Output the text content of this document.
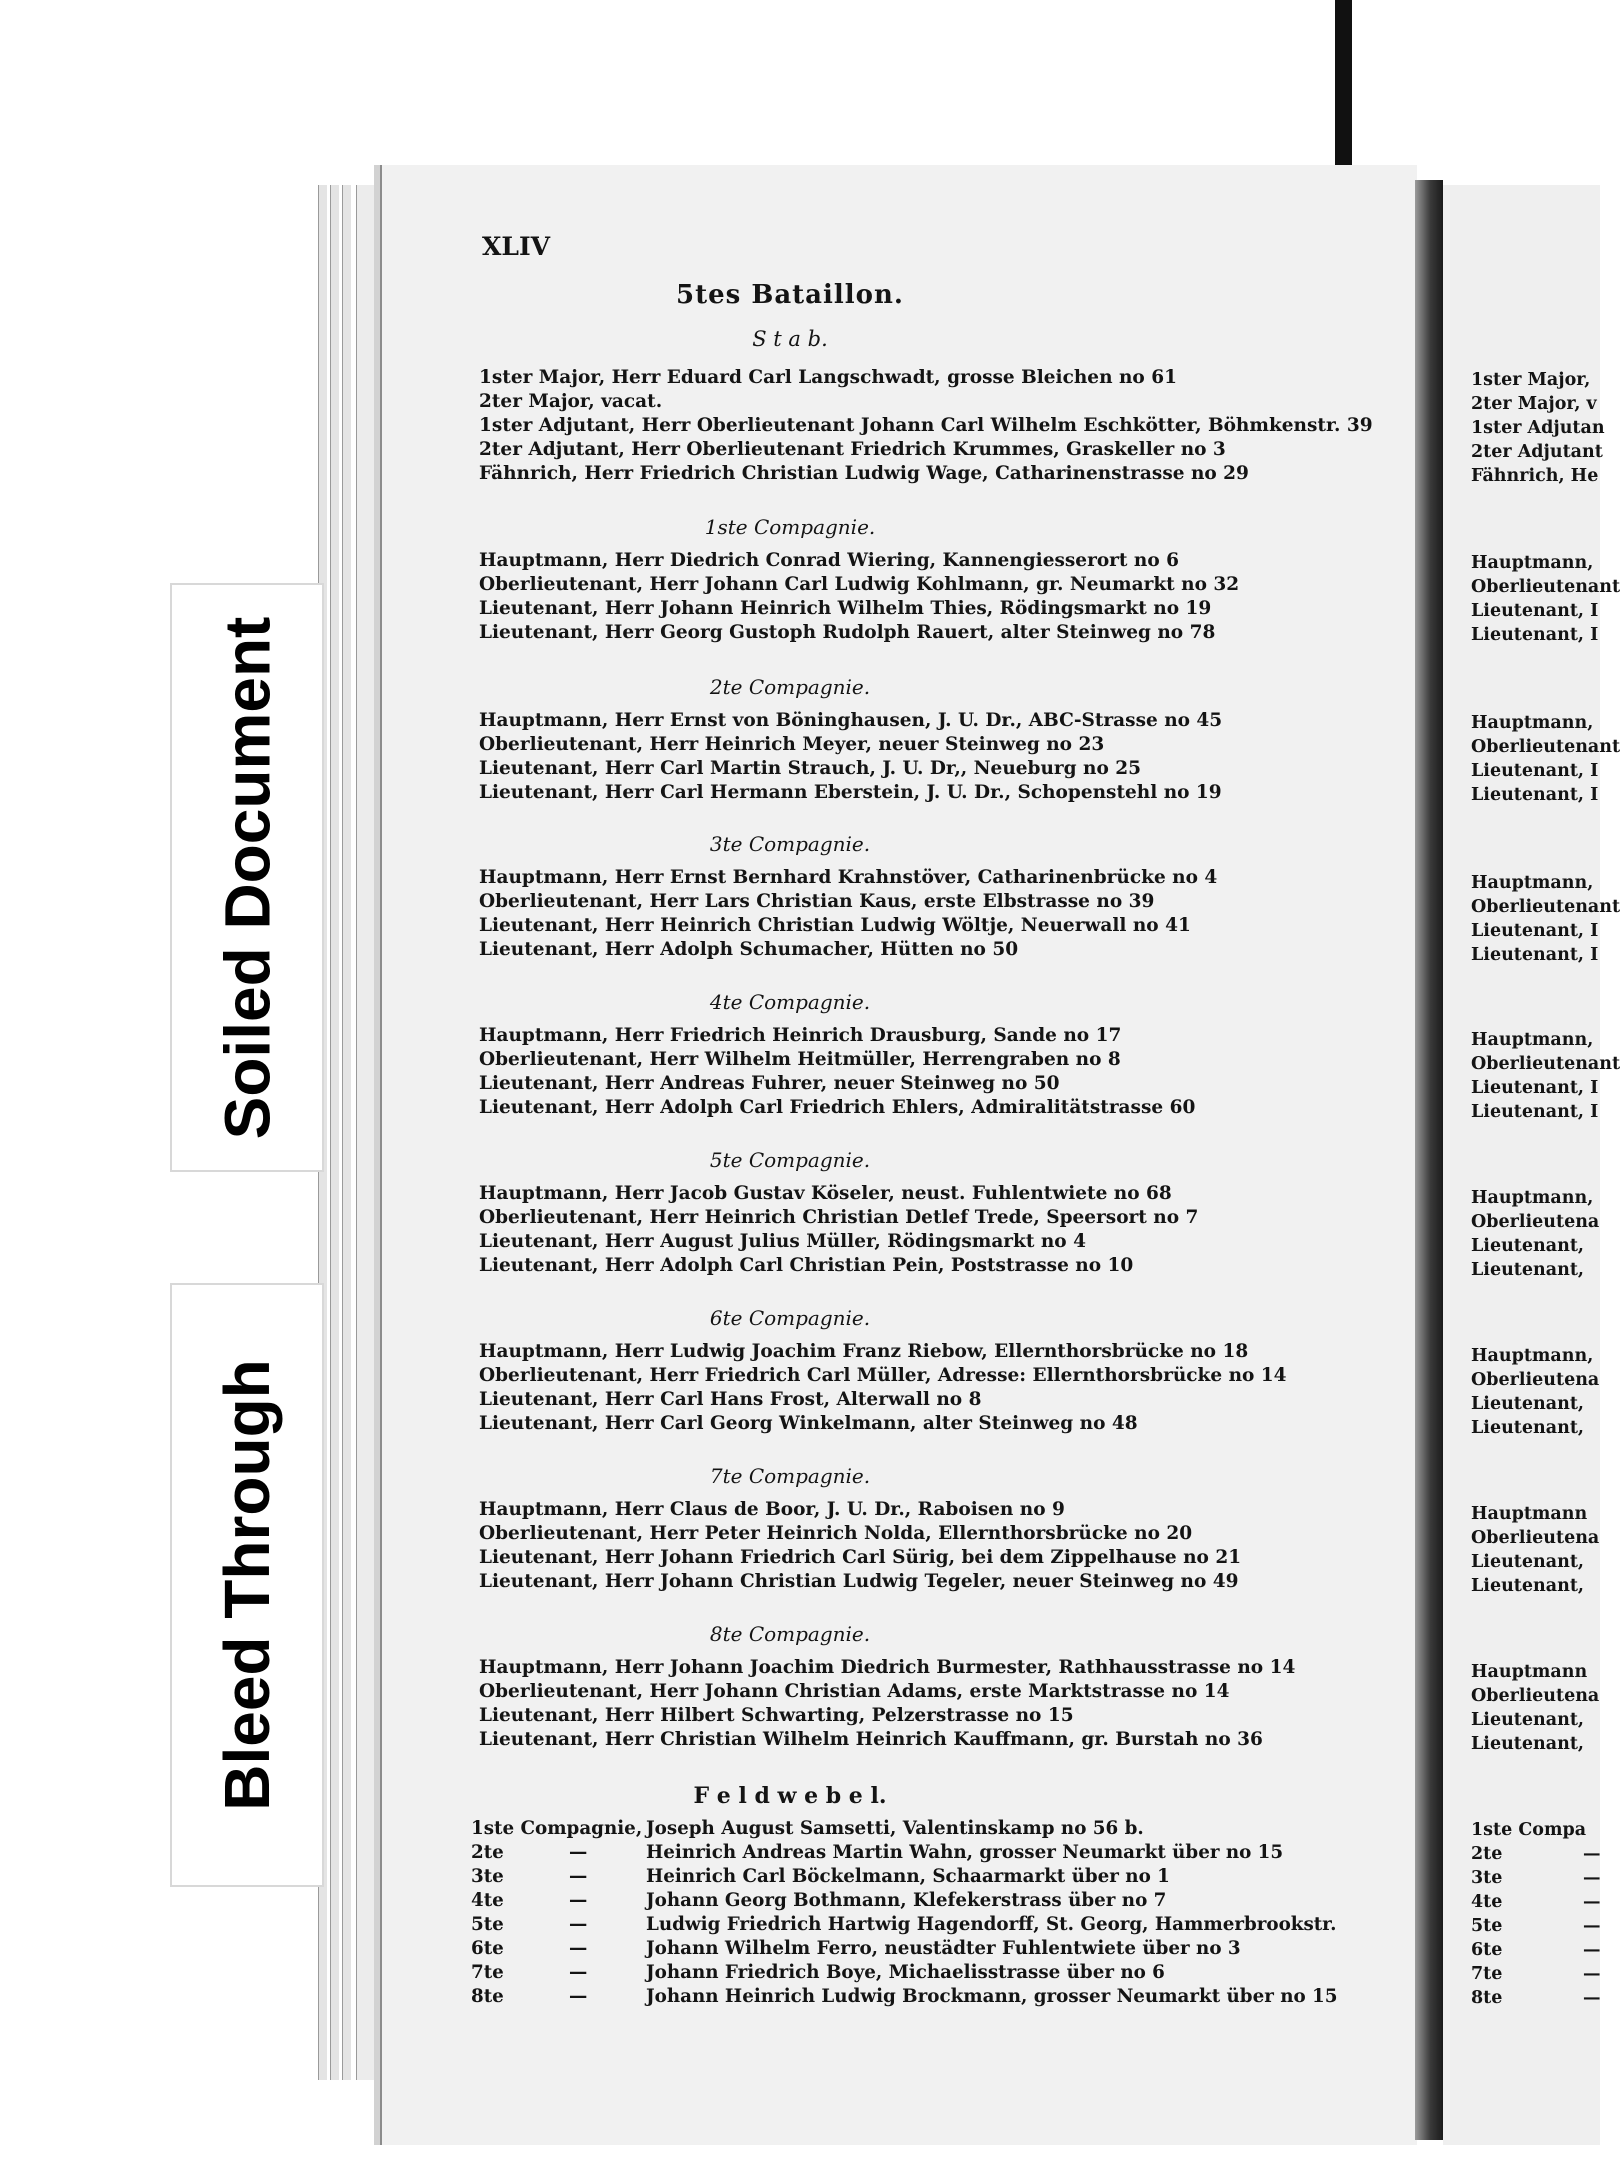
Soiled Document
Bleed Through
1ster Major,
2ter Major, v
1ster Adjutan
2ter Adjutant
Fähnrich, He
Hauptmann,
Oberlieutenant
Lieutenant, I
Lieutenant, I
Hauptmann,
Oberlieutenant
Lieutenant, I
Lieutenant, I
Hauptmann,
Oberlieutenant
Lieutenant, I
Lieutenant, I
Hauptmann,
Oberlieutenant
Lieutenant, I
Lieutenant, I
Hauptmann,
Oberlieutena
Lieutenant,
Lieutenant,
Hauptmann,
Oberlieutena
Lieutenant,
Lieutenant,
Hauptmann
Oberlieutena
Lieutenant,
Lieutenant,
Hauptmann
Oberlieutena
Lieutenant,
Lieutenant,
1ste Compa
2te	—
3te	—
4te	—
5te	—
6te	—
7te	—
8te	—
XLIV
5tes Bataillon.
S t a b.
1ster Major, Herr Eduard Carl Langschwadt, grosse Bleichen no 61
2ter Major, vacat.
1ster Adjutant, Herr Oberlieutenant Johann Carl Wilhelm Eschkötter, Böhmkenstr. 39
2ter Adjutant, Herr Oberlieutenant Friedrich Krummes, Graskeller no 3
Fähnrich, Herr Friedrich Christian Ludwig Wage, Catharinenstrasse no 29
1ste Compagnie.
Hauptmann, Herr Diedrich Conrad Wiering, Kannengiesserort no 6
Oberlieutenant, Herr Johann Carl Ludwig Kohlmann, gr. Neumarkt no 32
Lieutenant, Herr Johann Heinrich Wilhelm Thies, Rödingsmarkt no 19
Lieutenant, Herr Georg Gustoph Rudolph Rauert, alter Steinweg no 78
2te Compagnie.
Hauptmann, Herr Ernst von Böninghausen, J. U. Dr., ABC-Strasse no 45
Oberlieutenant, Herr Heinrich Meyer, neuer Steinweg no 23
Lieutenant, Herr Carl Martin Strauch, J. U. Dr,, Neueburg no 25
Lieutenant, Herr Carl Hermann Eberstein, J. U. Dr., Schopenstehl no 19
3te Compagnie.
Hauptmann, Herr Ernst Bernhard Krahnstöver, Catharinenbrücke no 4
Oberlieutenant, Herr Lars Christian Kaus, erste Elbstrasse no 39
Lieutenant, Herr Heinrich Christian Ludwig Wöltje, Neuerwall no 41
Lieutenant, Herr Adolph Schumacher, Hütten no 50
4te Compagnie.
Hauptmann, Herr Friedrich Heinrich Drausburg, Sande no 17
Oberlieutenant, Herr Wilhelm Heitmüller, Herrengraben no 8
Lieutenant, Herr Andreas Fuhrer, neuer Steinweg no 50
Lieutenant, Herr Adolph Carl Friedrich Ehlers, Admiralitätstrasse 60
5te Compagnie.
Hauptmann, Herr Jacob Gustav Köseler, neust. Fuhlentwiete no 68
Oberlieutenant, Herr Heinrich Christian Detlef Trede, Speersort no 7
Lieutenant, Herr August Julius Müller, Rödingsmarkt no 4
Lieutenant, Herr Adolph Carl Christian Pein, Poststrasse no 10
6te Compagnie.
Hauptmann, Herr Ludwig Joachim Franz Riebow, Ellernthorsbrücke no 18
Oberlieutenant, Herr Friedrich Carl Müller, Adresse: Ellernthorsbrücke no 14
Lieutenant, Herr Carl Hans Frost, Alterwall no 8
Lieutenant, Herr Carl Georg Winkelmann, alter Steinweg no 48
7te Compagnie.
Hauptmann, Herr Claus de Boor, J. U. Dr., Raboisen no 9
Oberlieutenant, Herr Peter Heinrich Nolda, Ellernthorsbrücke no 20
Lieutenant, Herr Johann Friedrich Carl Sürig, bei dem Zippelhause no 21
Lieutenant, Herr Johann Christian Ludwig Tegeler, neuer Steinweg no 49
8te Compagnie.
Hauptmann, Herr Johann Joachim Diedrich Burmester, Rathhausstrasse no 14
Oberlieutenant, Herr Johann Christian Adams, erste Marktstrasse no 14
Lieutenant, Herr Hilbert Schwarting, Pelzerstrasse no 15
Lieutenant, Herr Christian Wilhelm Heinrich Kauffmann, gr. Burstah no 36
F e l d w e b e l.
1ste Compagnie, Joseph August Samsetti, Valentinskamp no 56 b.
2te	—	Heinrich Andreas Martin Wahn, grosser Neumarkt über no 15
3te	—	Heinrich Carl Böckelmann, Schaarmarkt über no 1
4te	—	Johann Georg Bothmann, Klefekerstrass über no 7
5te	—	Ludwig Friedrich Hartwig Hagendorff, St. Georg, Hammerbrookstr.
6te	—	Johann Wilhelm Ferro, neustädter Fuhlentwiete über no 3
7te	—	Johann Friedrich Boye, Michaelisstrasse über no 6
8te	—	Johann Heinrich Ludwig Brockmann, grosser Neumarkt über no 15
